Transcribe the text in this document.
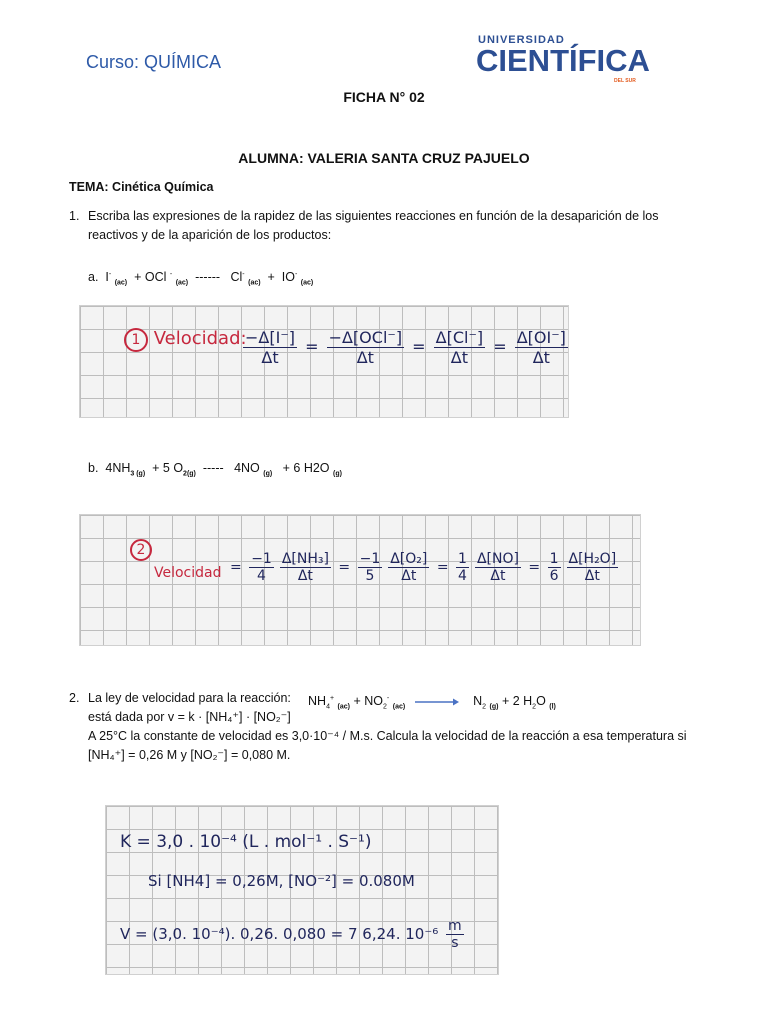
Curso: QUÍMICA
UNIVERSIDAD
CIENTÍFICA
DEL SUR
FICHA N° 02
ALUMNA: VALERIA SANTA CRUZ PAJUELO
TEMA: Cinética Química
1. Escriba las expresiones de la rapidez de las siguientes reacciones en función de la desaparición de los
reactivos y de la aparición de los productos:
a.  I- $_{(ac)}$  + OCl - $_{(ac)}$  ------   Cl- $_{(ac)}$  +  IO- $_{(ac)}$
1 Velocidad:
$\frac{-\Delta[I^-]}{\Delta t} = \frac{\text{−Δ[OCl⁻]}}{\Delta t} = \frac{\Delta[Cl^-]}{\Delta t} = \frac{\Delta[OI^-]}{\Delta t}$
b.  $4NH_{3 (g)} + 5$ $O_{2(g)}$  -----   4NO $_{(g)}$   + 6 H2O $_{(g)}$
2
Velocidad = $\frac{-1}{4} \frac{\text{Δ[NH₃]}}{\Delta t} = \frac{-1}{5} \frac{\text{Δ[O₂]}}{\Delta t} = \frac{1}{4} \frac{\Delta[NO]}{\Delta t} = \frac{1}{6} \frac{\text{Δ[H₂O]}}{\Delta t}$
2. La ley de velocidad para la reacción: $NH_4^+$ $_{(ac)} + NO_2^-$ $_{(ac)} \to N_2$ $_{(g)}$ + 2 $H_2O$ $_{(l)}$
está dada por v = k · [NH₄⁺] · [NO₂⁻]
A 25°C la constante de velocidad es 3,0·10⁻⁴ / M.s. Calcula la velocidad de la reacción a esa temperatura si
[NH₄⁺] = 0,26 M y [NO₂⁻] = 0,080 M.
K = 3,0 . 10⁻⁴ (L . mol⁻¹ . S⁻¹)
Si [NH4] = 0,26M, [NO⁻²] = 0.080M
V = (3,0. 10⁻⁴). 0,26. 0,080 = 7 6,24. $10^{-6} \frac{m}{s}$
